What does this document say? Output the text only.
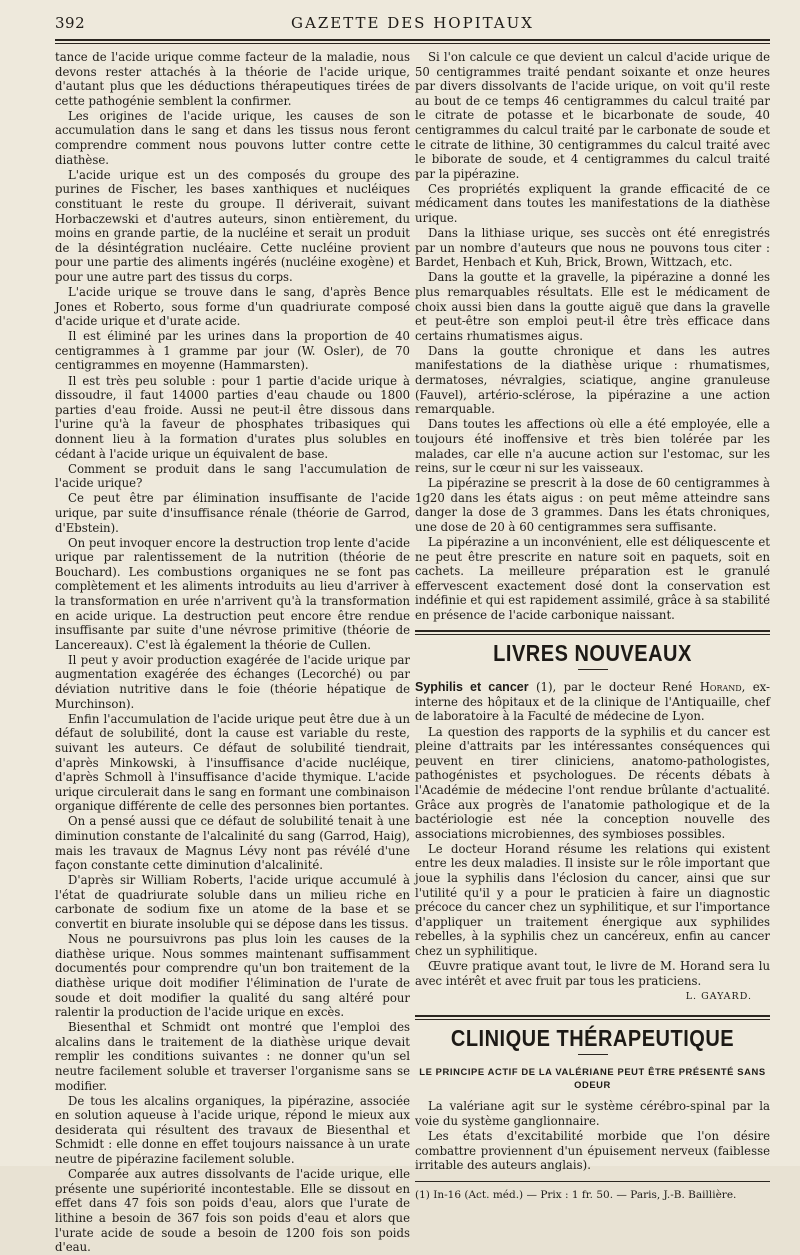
392	GAZETTE DES HOPITAUX

tance de l'acide urique comme facteur de la maladie, nous devons rester attachés à la théorie de l'acide urique, d'autant plus que les déductions thérapeutiques tirées de cette pathogénie semblent la confirmer.

Les origines de l'acide urique, les causes de son accumulation dans le sang et dans les tissus nous feront comprendre comment nous pouvons lutter contre cette diathèse.

L'acide urique est un des composés du groupe des purines de Fischer, les bases xanthiques et nucléiques constituant le reste du groupe. Il dériverait, suivant Horbaczewski et d'autres auteurs, sinon entièrement, du moins en grande partie, de la nucléine et serait un produit de la désintégration nucléaire. Cette nucléine provient pour une partie des aliments ingérés (nucléine exogène) et pour une autre part des tissus du corps.

L'acide urique se trouve dans le sang, d'après Bence Jones et Roberto, sous forme d'un quadriurate composé d'acide urique et d'urate acide.

Il est éliminé par les urines dans la proportion de 40 centigrammes à 1 gramme par jour (W. Osler), de 70 centigrammes en moyenne (Hammarsten).

Il est très peu soluble : pour 1 partie d'acide urique à dissoudre, il faut 14000 parties d'eau chaude ou 1800 parties d'eau froide. Aussi ne peut-il être dissous dans l'urine qu'à la faveur de phosphates tribasiques qui donnent lieu à la formation d'urates plus solubles en cédant à l'acide urique un équivalent de base.

Comment se produit dans le sang l'accumulation de l'acide urique?

Ce peut être par élimination insuffisante de l'acide urique, par suite d'insuffisance rénale (théorie de Garrod, d'Ebstein).

On peut invoquer encore la destruction trop lente d'acide urique par ralentissement de la nutrition (théorie de Bouchard). Les combustions organiques ne se font pas complètement et les aliments introduits au lieu d'arriver à la transformation en urée n'arrivent qu'à la transformation en acide urique. La destruction peut encore être rendue insuffisante par suite d'une névrose primitive (théorie de Lancereaux). C'est là également la théorie de Cullen.

Il peut y avoir production exagérée de l'acide urique par augmentation exagérée des échanges (Lecorché) ou par déviation nutritive dans le foie (théorie hépatique de Murchinson).

Enfin l'accumulation de l'acide urique peut être due à un défaut de solubilité, dont la cause est variable du reste, suivant les auteurs. Ce défaut de solubilité tiendrait, d'après Minkowski, à l'insuffisance d'acide nucléique, d'après Schmoll à l'insuffisance d'acide thymique. L'acide urique circulerait dans le sang en formant une combinaison organique différente de celle des personnes bien portantes.

On a pensé aussi que ce défaut de solubilité tenait à une diminution constante de l'alcalinité du sang (Garrod, Haig), mais les travaux de Magnus Lévy nont pas révélé d'une façon constante cette diminution d'alcalinité.

D'après sir William Roberts, l'acide urique accumulé à l'état de quadriurate soluble dans un milieu riche en carbonate de sodium fixe un atome de la base et se convertit en biurate insoluble qui se dépose dans les tissus.

Nous ne poursuivrons pas plus loin les causes de la diathèse urique. Nous sommes maintenant suffisamment documentés pour comprendre qu'un bon traitement de la diathèse urique doit modifier l'élimination de l'urate de soude et doit modifier la qualité du sang altéré pour ralentir la production de l'acide urique en excès.

Biesenthal et Schmidt ont montré que l'emploi des alcalins dans le traitement de la diathèse urique devait remplir les conditions suivantes : ne donner qu'un sel neutre facilement soluble et traverser l'organisme sans se modifier.

De tous les alcalins organiques, la pipérazine, associée en solution aqueuse à l'acide urique, répond le mieux aux desiderata qui résultent des travaux de Biesenthal et Schmidt : elle donne en effet toujours naissance à un urate neutre de pipérazine facilement soluble.

Comparée aux autres dissolvants de l'acide urique, elle présente une supériorité incontestable. Elle se dissout en effet dans 47 fois son poids d'eau, alors que l'urate de lithine a besoin de 367 fois son poids d'eau et alors que l'urate acide de soude a besoin de 1200 fois son poids d'eau.

Si l'on calcule ce que devient un calcul d'acide urique de 50 centigrammes traité pendant soixante et onze heures par divers dissolvants de l'acide urique, on voit qu'il reste au bout de ce temps 46 centigrammes du calcul traité par le citrate de potasse et le bicarbonate de soude, 40 centigrammes du calcul traité par le carbonate de soude et le citrate de lithine, 30 centigrammes du calcul traité avec le biborate de soude, et 4 centigrammes du calcul traité par la pipérazine.

Ces propriétés expliquent la grande efficacité de ce médicament dans toutes les manifestations de la diathèse urique.

Dans la lithiase urique, ses succès ont été enregistrés par un nombre d'auteurs que nous ne pouvons tous citer : Bardet, Henbach et Kuh, Brick, Brown, Wittzach, etc.

Dans la goutte et la gravelle, la pipérazine a donné les plus remarquables résultats. Elle est le médicament de choix aussi bien dans la goutte aiguë que dans la gravelle et peut-être son emploi peut-il être très efficace dans certains rhumatismes aigus.

Dans la goutte chronique et dans les autres manifestations de la diathèse urique : rhumatismes, dermatoses, névralgies, sciatique, angine granuleuse (Fauvel), artério-sclérose, la pipérazine a une action remarquable.

Dans toutes les affections où elle a été employée, elle a toujours été inoffensive et très bien tolérée par les malades, car elle n'a aucune action sur l'estomac, sur les reins, sur le cœur ni sur les vaisseaux.

La pipérazine se prescrit à la dose de 60 centigrammes à 1g20 dans les états aigus : on peut même atteindre sans danger la dose de 3 grammes. Dans les états chroniques, une dose de 20 à 60 centigrammes sera suffisante.

La pipérazine a un inconvénient, elle est déliquescente et ne peut être prescrite en nature soit en paquets, soit en cachets. La meilleure préparation est le granulé effervescent exactement dosé dont la conservation est indéfinie et qui est rapidement assimilé, grâce à sa stabilité en présence de l'acide carbonique naissant.

LIVRES NOUVEAUX

Syphilis et cancer (1), par le docteur René Horand, ex-interne des hôpitaux et de la clinique de l'Antiquaille, chef de laboratoire à la Faculté de médecine de Lyon.

La question des rapports de la syphilis et du cancer est pleine d'attraits par les intéressantes conséquences qui peuvent en tirer cliniciens, anatomo-pathologistes, pathogénistes et psychologues. De récents débats à l'Académie de médecine l'ont rendue brûlante d'actualité. Grâce aux progrès de l'anatomie pathologique et de la bactériologie est née la conception nouvelle des associations microbiennes, des symbioses possibles.

Le docteur Horand résume les relations qui existent entre les deux maladies. Il insiste sur le rôle important que joue la syphilis dans l'éclosion du cancer, ainsi que sur l'utilité qu'il y a pour le praticien à faire un diagnostic précoce du cancer chez un syphilitique, et sur l'importance d'appliquer un traitement énergique aux syphilides rebelles, à la syphilis chez un cancéreux, enfin au cancer chez un syphilitique.

Œuvre pratique avant tout, le livre de M. Horand sera lu avec intérêt et avec fruit par tous les praticiens.

L. GAYARD.
CLINIQUE THÉRAPEUTIQUE
LE PRINCIPE ACTIF DE LA VALÉRIANE PEUT ÊTRE PRÉSENTÉ SANS ODEUR

La valériane agit sur le système cérébro-spinal par la voie du système ganglionnaire.

Les états d'excitabilité morbide que l'on désire combattre proviennent d'un épuisement nerveux (faiblesse irritable des auteurs anglais).

(1) In-16 (Act. méd.) — Prix : 1 fr. 50. — Paris, J.-B. Baillière.
